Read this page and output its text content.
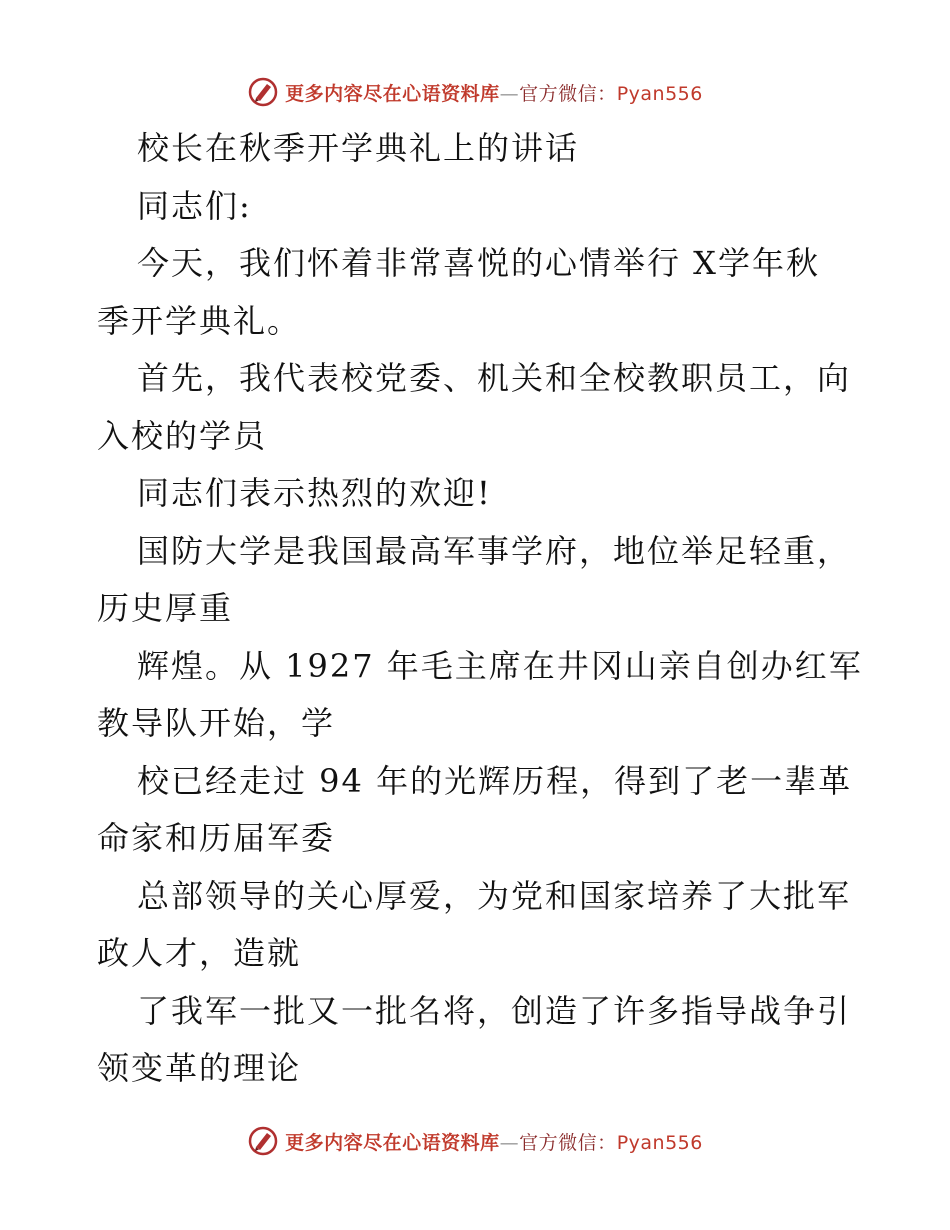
更多内容尽在心语资料库—官方微信：Pyan556
校长在秋季开学典礼上的讲话
同志们:
今天，我们怀着非常喜悦的心情举行 X学年秋
季开学典礼。
首先，我代表校党委、机关和全校教职员工，向
入校的学员
同志们表示热烈的欢迎!
国防大学是我国最高军事学府，地位举足轻重，
历史厚重
辉煌。从 1927 年毛主席在井冈山亲自创办红军
教导队开始，学
校已经走过 94 年的光辉历程，得到了老一辈革
命家和历届军委
总部领导的关心厚爱，为党和国家培养了大批军
政人才，造就
了我军一批又一批名将，创造了许多指导战争引
领变革的理论
更多内容尽在心语资料库—官方微信：Pyan556
